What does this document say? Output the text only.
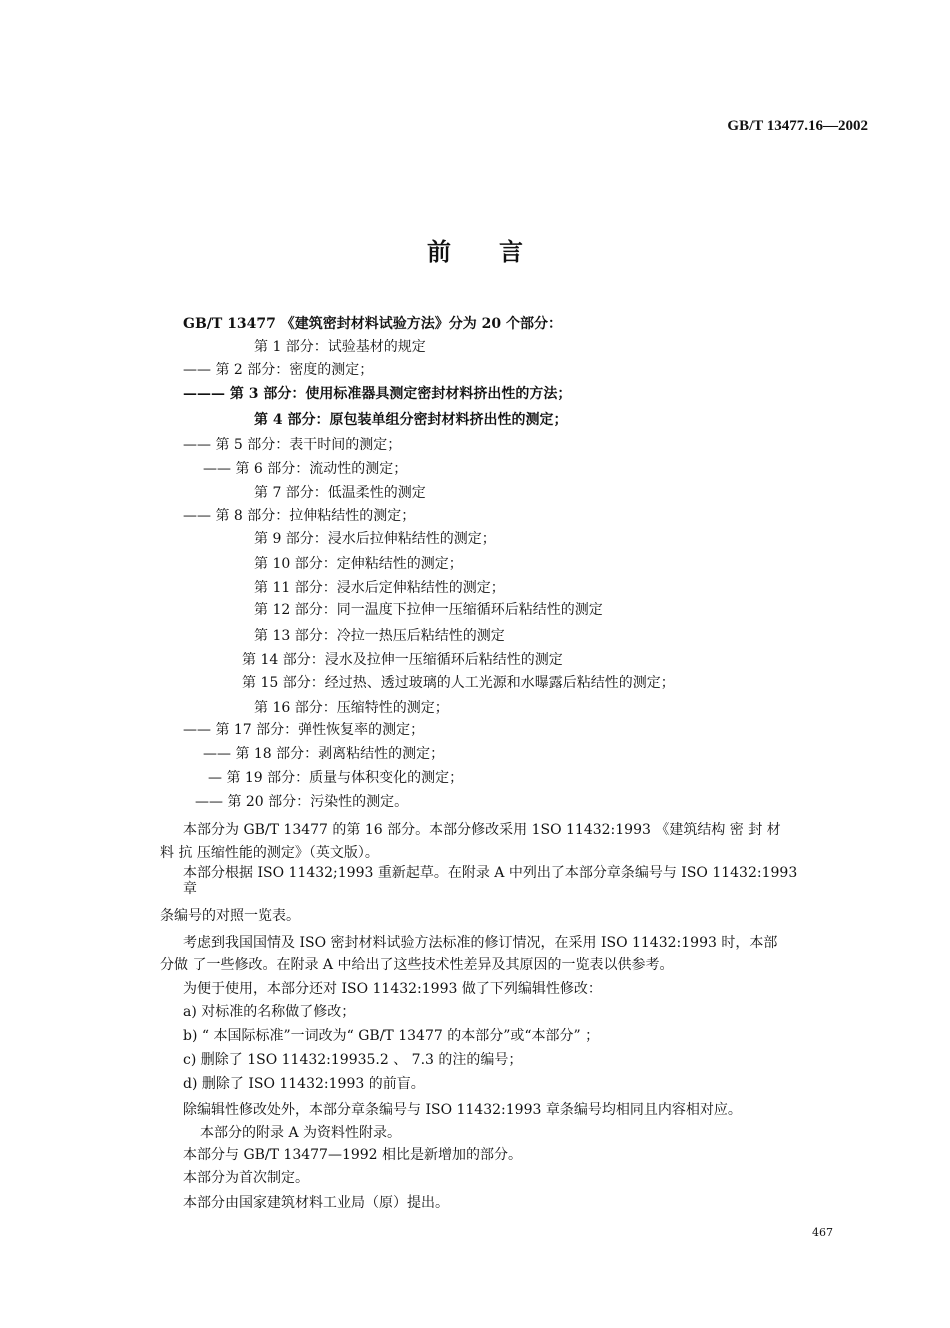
GB/T 13477.16—2002
前言
GB/T 13477 《建筑密封材料试验方法》分为 20 个部分：
第 1 部分：试验基材的规定
—— 第 2 部分：密度的测定；
——— 第 3 部分：使用标准器具测定密封材料挤出性的方法；
第 4 部分：原包装单组分密封材料挤出性的测定；
—— 第 5 部分：表干时间的测定；
—— 第 6 部分：流动性的测定；
第 7 部分：低温柔性的测定
—— 第 8 部分：拉伸粘结性的测定；
第 9 部分：浸水后拉伸粘结性的测定；
第 10 部分：定伸粘结性的测定；
第 11 部分：浸水后定伸粘结性的测定；
第 12 部分：同一温度下拉伸一压缩循环后粘结性的测定
第 13 部分：冷拉一热压后粘结性的测定
第 14 部分：浸水及拉伸一压缩循环后粘结性的测定
第 15 部分：经过热、透过玻璃的人工光源和水曝露后粘结性的测定；
第 16 部分：压缩特性的测定；
—— 第 17 部分：弹性恢复率的测定；
—— 第 18 部分：剥离粘结性的测定；
— 第 19 部分：质量与体积变化的测定；
—— 第 20 部分：污染性的测定。
本部分为 GB/T 13477 的第 16 部分。本部分修改采用 1SO 11432:1993 《建筑结构 密 封 材
料 抗 压缩性能的测定》（英文版）。
本部分根据 ISO 11432;1993 重新起草。在附录 A 中列出了本部分章条编号与 ISO 11432:1993
章
条编号的对照一览表。
考虑到我国国情及 ISO 密封材料试验方法标准的修订情况，在采用 ISO 11432:1993 时，本部
分做 了一些修改。在附录 A 中给出了这些技术性差异及其原因的一览表以供参考。
为便于使用，本部分还对 ISO 11432:1993 做了下列编辑性修改：
a) 对标准的名称做了修改；
b) “ 本国际标准”一词改为“ GB/T 13477 的本部分”或“本部分” ；
c) 删除了 1SO 11432:19935.2 、 7.3 的注的编号；
d) 删除了 ISO 11432:1993 的前盲。
除编辑性修改处外，本部分章条编号与 ISO 11432:1993 章条编号均相同且内容相对应。
本部分的附录 A 为资料性附录。
本部分与 GB/T 13477—1992 相比是新增加的部分。
本部分为首次制定。
本部分由国家建筑材料工业局（原）提出。
467
